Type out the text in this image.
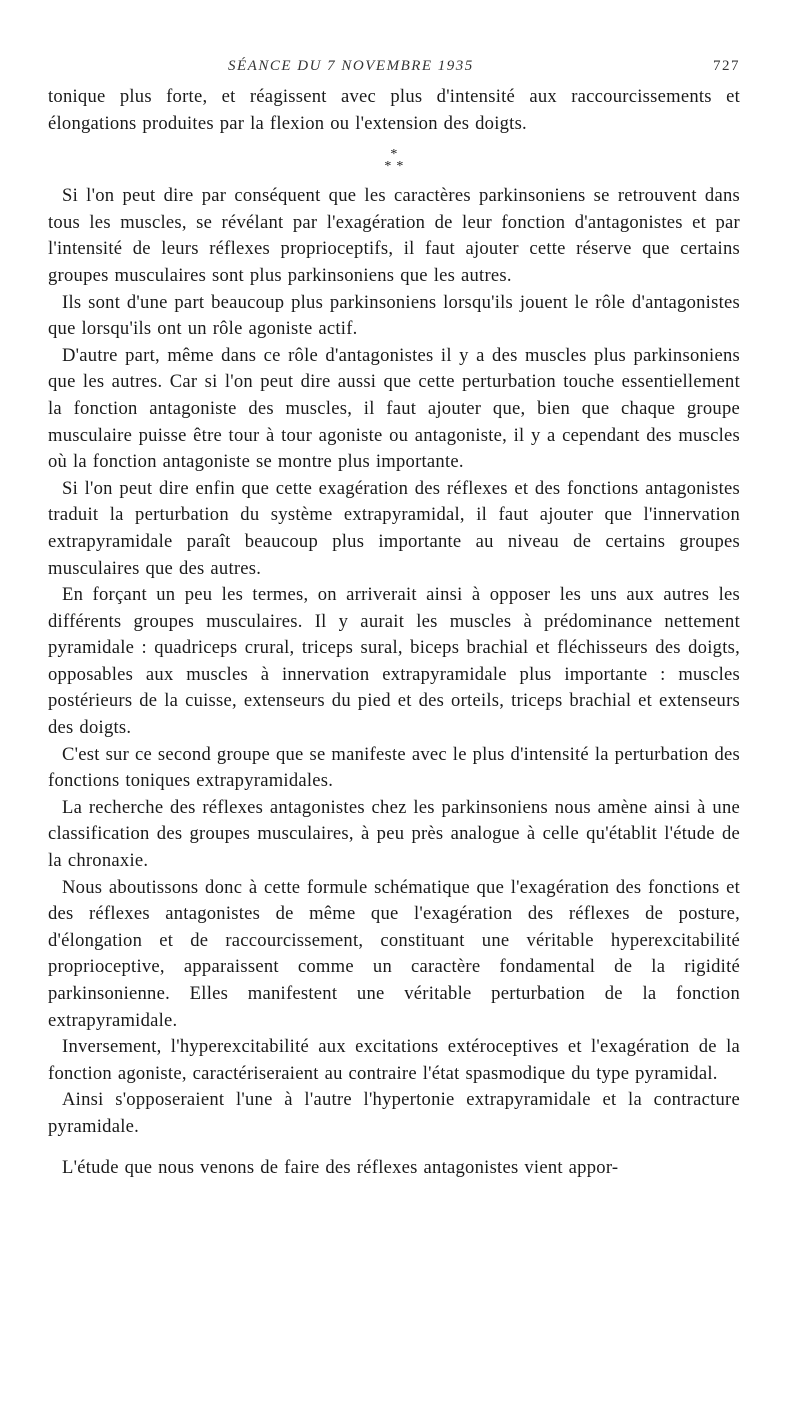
SÉANCE DU 7 NOVEMBRE 1935	727

tonique plus forte, et réagissent avec plus d'intensité aux raccourcissements et élongations produites par la flexion ou l'extension des doigts.

*
* *

Si l'on peut dire par conséquent que les caractères parkinsoniens se retrouvent dans tous les muscles, se révélant par l'exagération de leur fonction d'antagonistes et par l'intensité de leurs réflexes proprioceptifs, il faut ajouter cette réserve que certains groupes musculaires sont plus parkinsoniens que les autres.

Ils sont d'une part beaucoup plus parkinsoniens lorsqu'ils jouent le rôle d'antagonistes que lorsqu'ils ont un rôle agoniste actif.

D'autre part, même dans ce rôle d'antagonistes il y a des muscles plus parkinsoniens que les autres. Car si l'on peut dire aussi que cette perturbation touche essentiellement la fonction antagoniste des muscles, il faut ajouter que, bien que chaque groupe musculaire puisse être tour à tour agoniste ou antagoniste, il y a cependant des muscles où la fonction antagoniste se montre plus importante.

Si l'on peut dire enfin que cette exagération des réflexes et des fonctions antagonistes traduit la perturbation du système extrapyramidal, il faut ajouter que l'innervation extrapyramidale paraît beaucoup plus importante au niveau de certains groupes musculaires que des autres.

En forçant un peu les termes, on arriverait ainsi à opposer les uns aux autres les différents groupes musculaires. Il y aurait les muscles à prédominance nettement pyramidale : quadriceps crural, triceps sural, biceps brachial et fléchisseurs des doigts, opposables aux muscles à innervation extrapyramidale plus importante : muscles postérieurs de la cuisse, extenseurs du pied et des orteils, triceps brachial et extenseurs des doigts.

C'est sur ce second groupe que se manifeste avec le plus d'intensité la perturbation des fonctions toniques extrapyramidales.

La recherche des réflexes antagonistes chez les parkinsoniens nous amène ainsi à une classification des groupes musculaires, à peu près analogue à celle qu'établit l'étude de la chronaxie.

Nous aboutissons donc à cette formule schématique que l'exagération des fonctions et des réflexes antagonistes de même que l'exagération des réflexes de posture, d'élongation et de raccourcissement, constituant une véritable hyperexcitabilité proprioceptive, apparaissent comme un caractère fondamental de la rigidité parkinsonienne. Elles manifestent une véritable perturbation de la fonction extrapyramidale.

Inversement, l'hyperexcitabilité aux excitations extéroceptives et l'exagération de la fonction agoniste, caractériseraient au contraire l'état spasmodique du type pyramidal.

Ainsi s'opposeraient l'une à l'autre l'hypertonie extrapyramidale et la contracture pyramidale.

L'étude que nous venons de faire des réflexes antagonistes vient appor-
